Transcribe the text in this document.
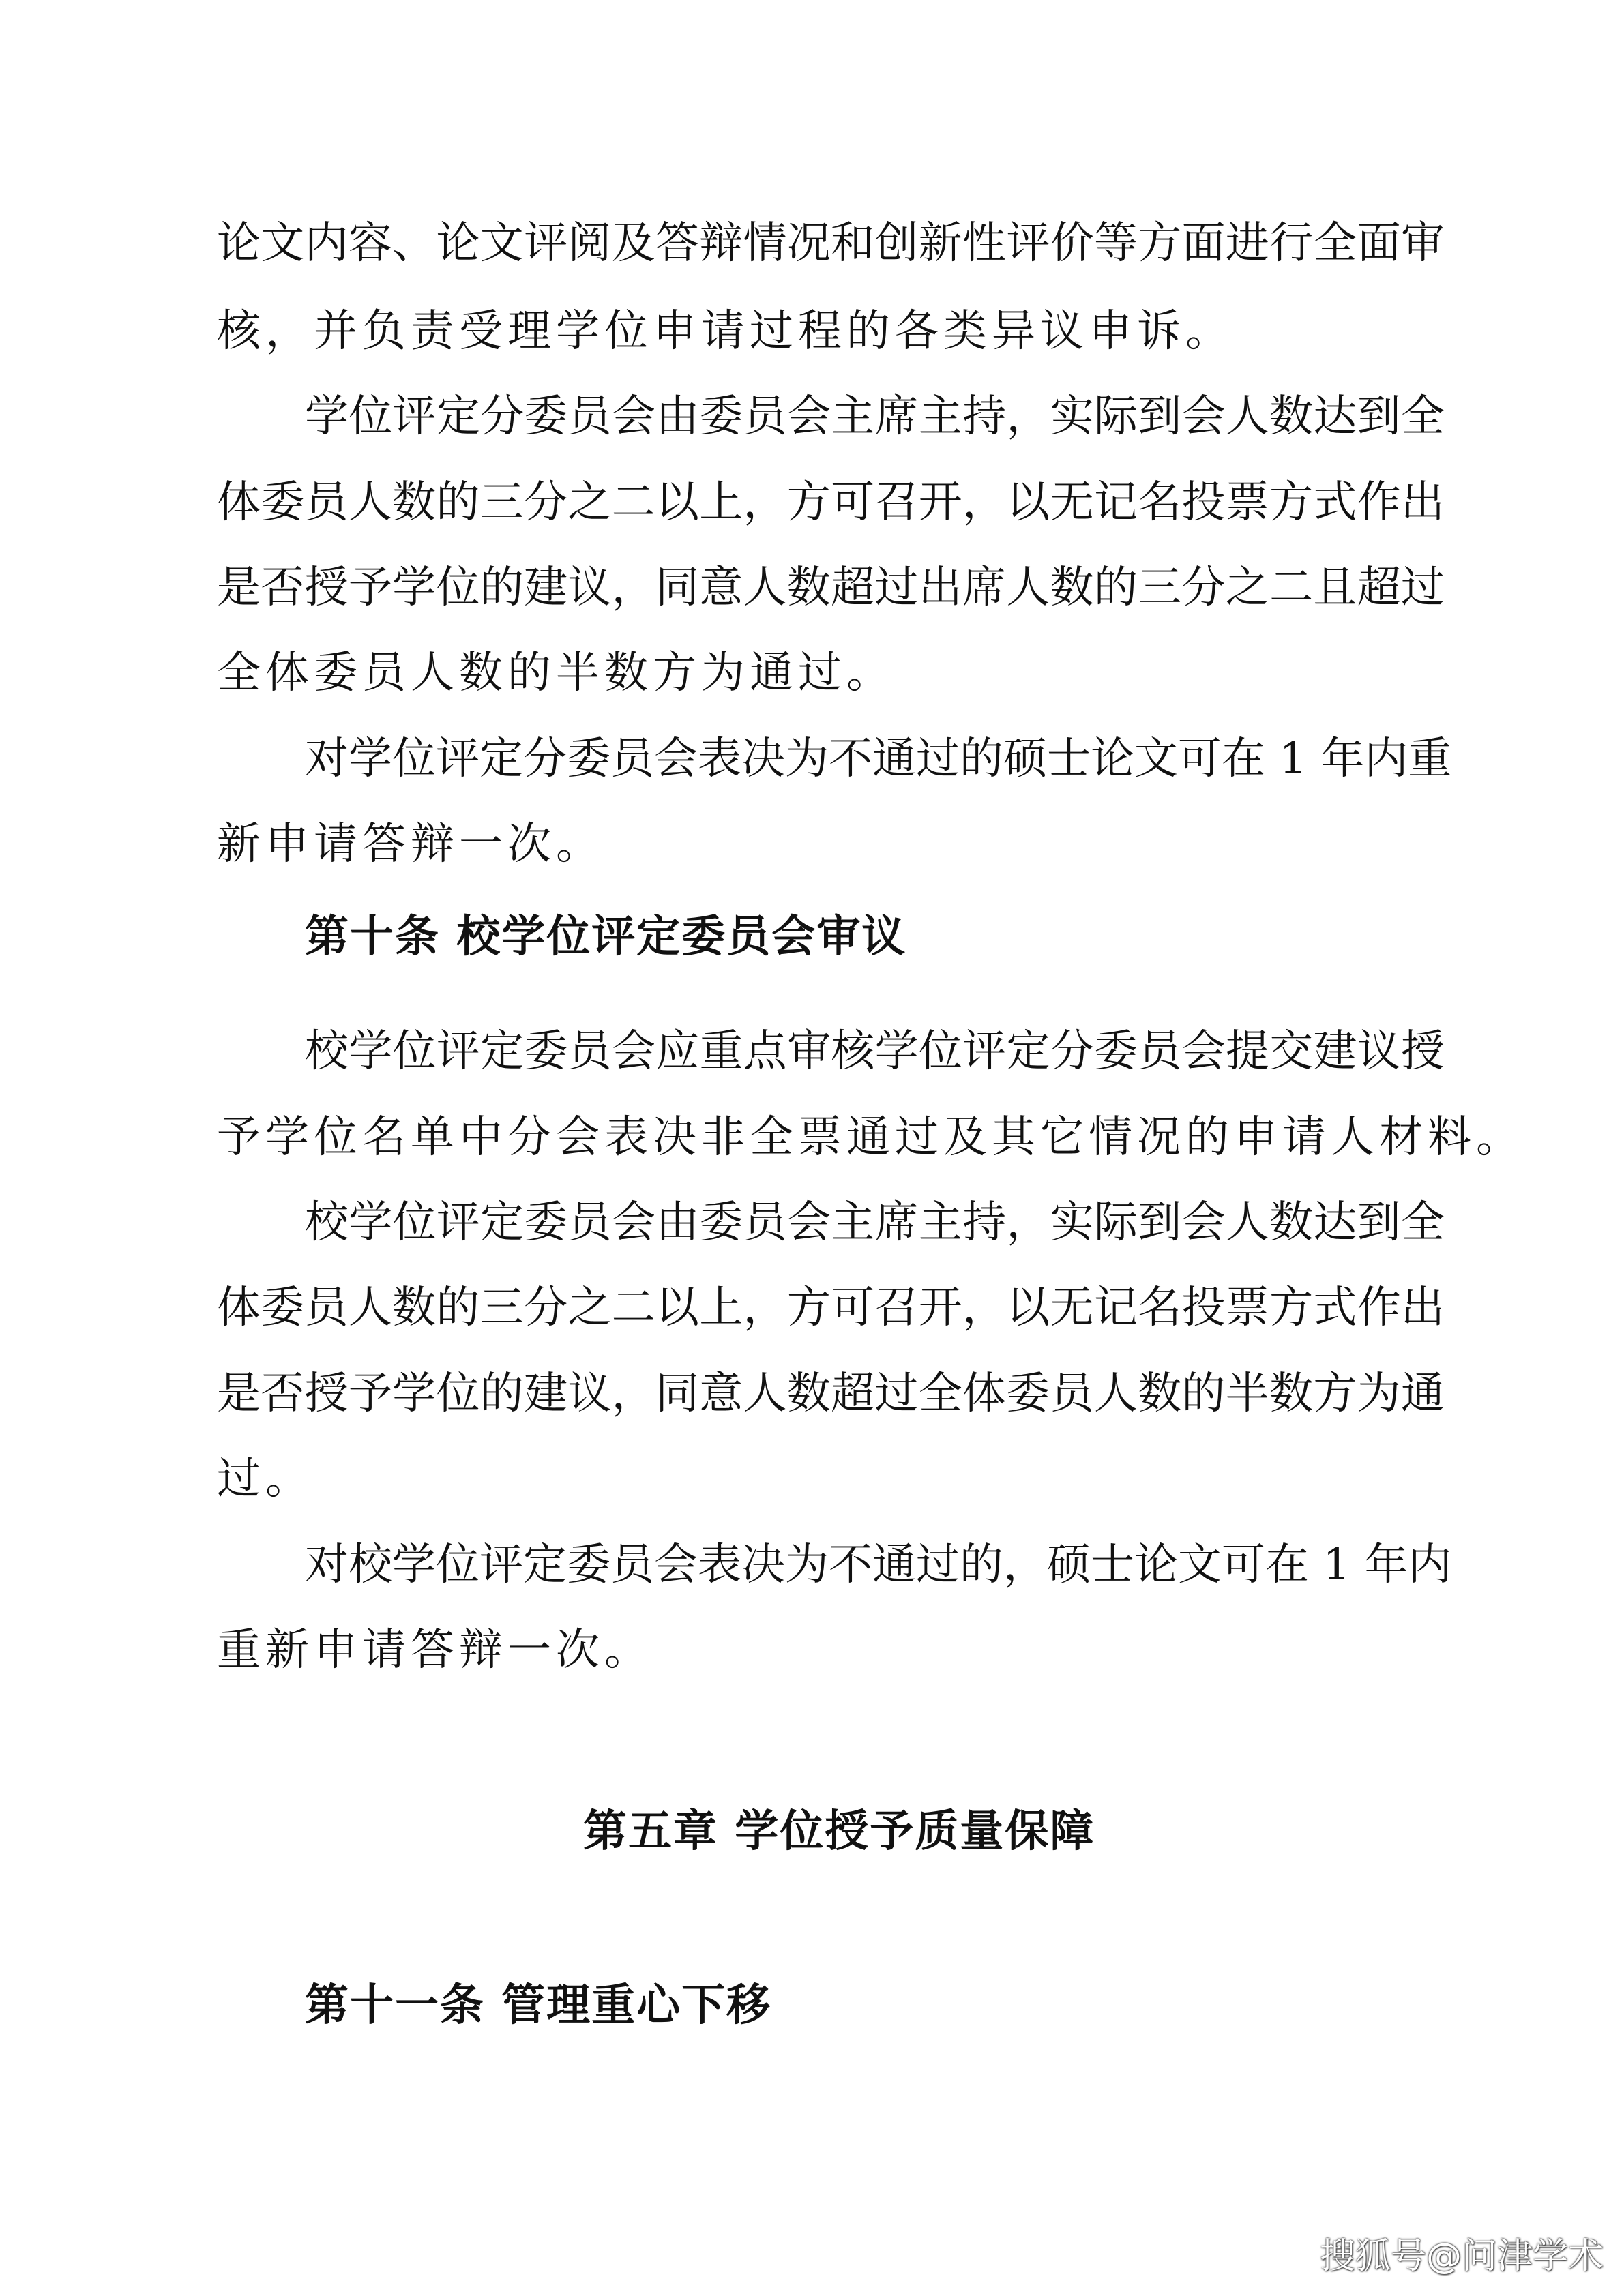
论文内容、论文评阅及答辩情况和创新性评价等方面进行全面审
核，并负责受理学位申请过程的各类异议申诉。
学位评定分委员会由委员会主席主持，实际到会人数达到全
体委员人数的三分之二以上，方可召开，以无记名投票方式作出
是否授予学位的建议，同意人数超过出席人数的三分之二且超过
全体委员人数的半数方为通过。
对学位评定分委员会表决为不通过的硕士论文可在 1 年内重
新申请答辩一次。
第十条 校学位评定委员会审议
校学位评定委员会应重点审核学位评定分委员会提交建议授
予学位名单中分会表决非全票通过及其它情况的申请人材料。
校学位评定委员会由委员会主席主持，实际到会人数达到全
体委员人数的三分之二以上，方可召开，以无记名投票方式作出
是否授予学位的建议，同意人数超过全体委员人数的半数方为通
过。
对校学位评定委员会表决为不通过的，硕士论文可在 1 年内
重新申请答辩一次。
第五章 学位授予质量保障
第十一条 管理重心下移
搜狐号@问津学术
